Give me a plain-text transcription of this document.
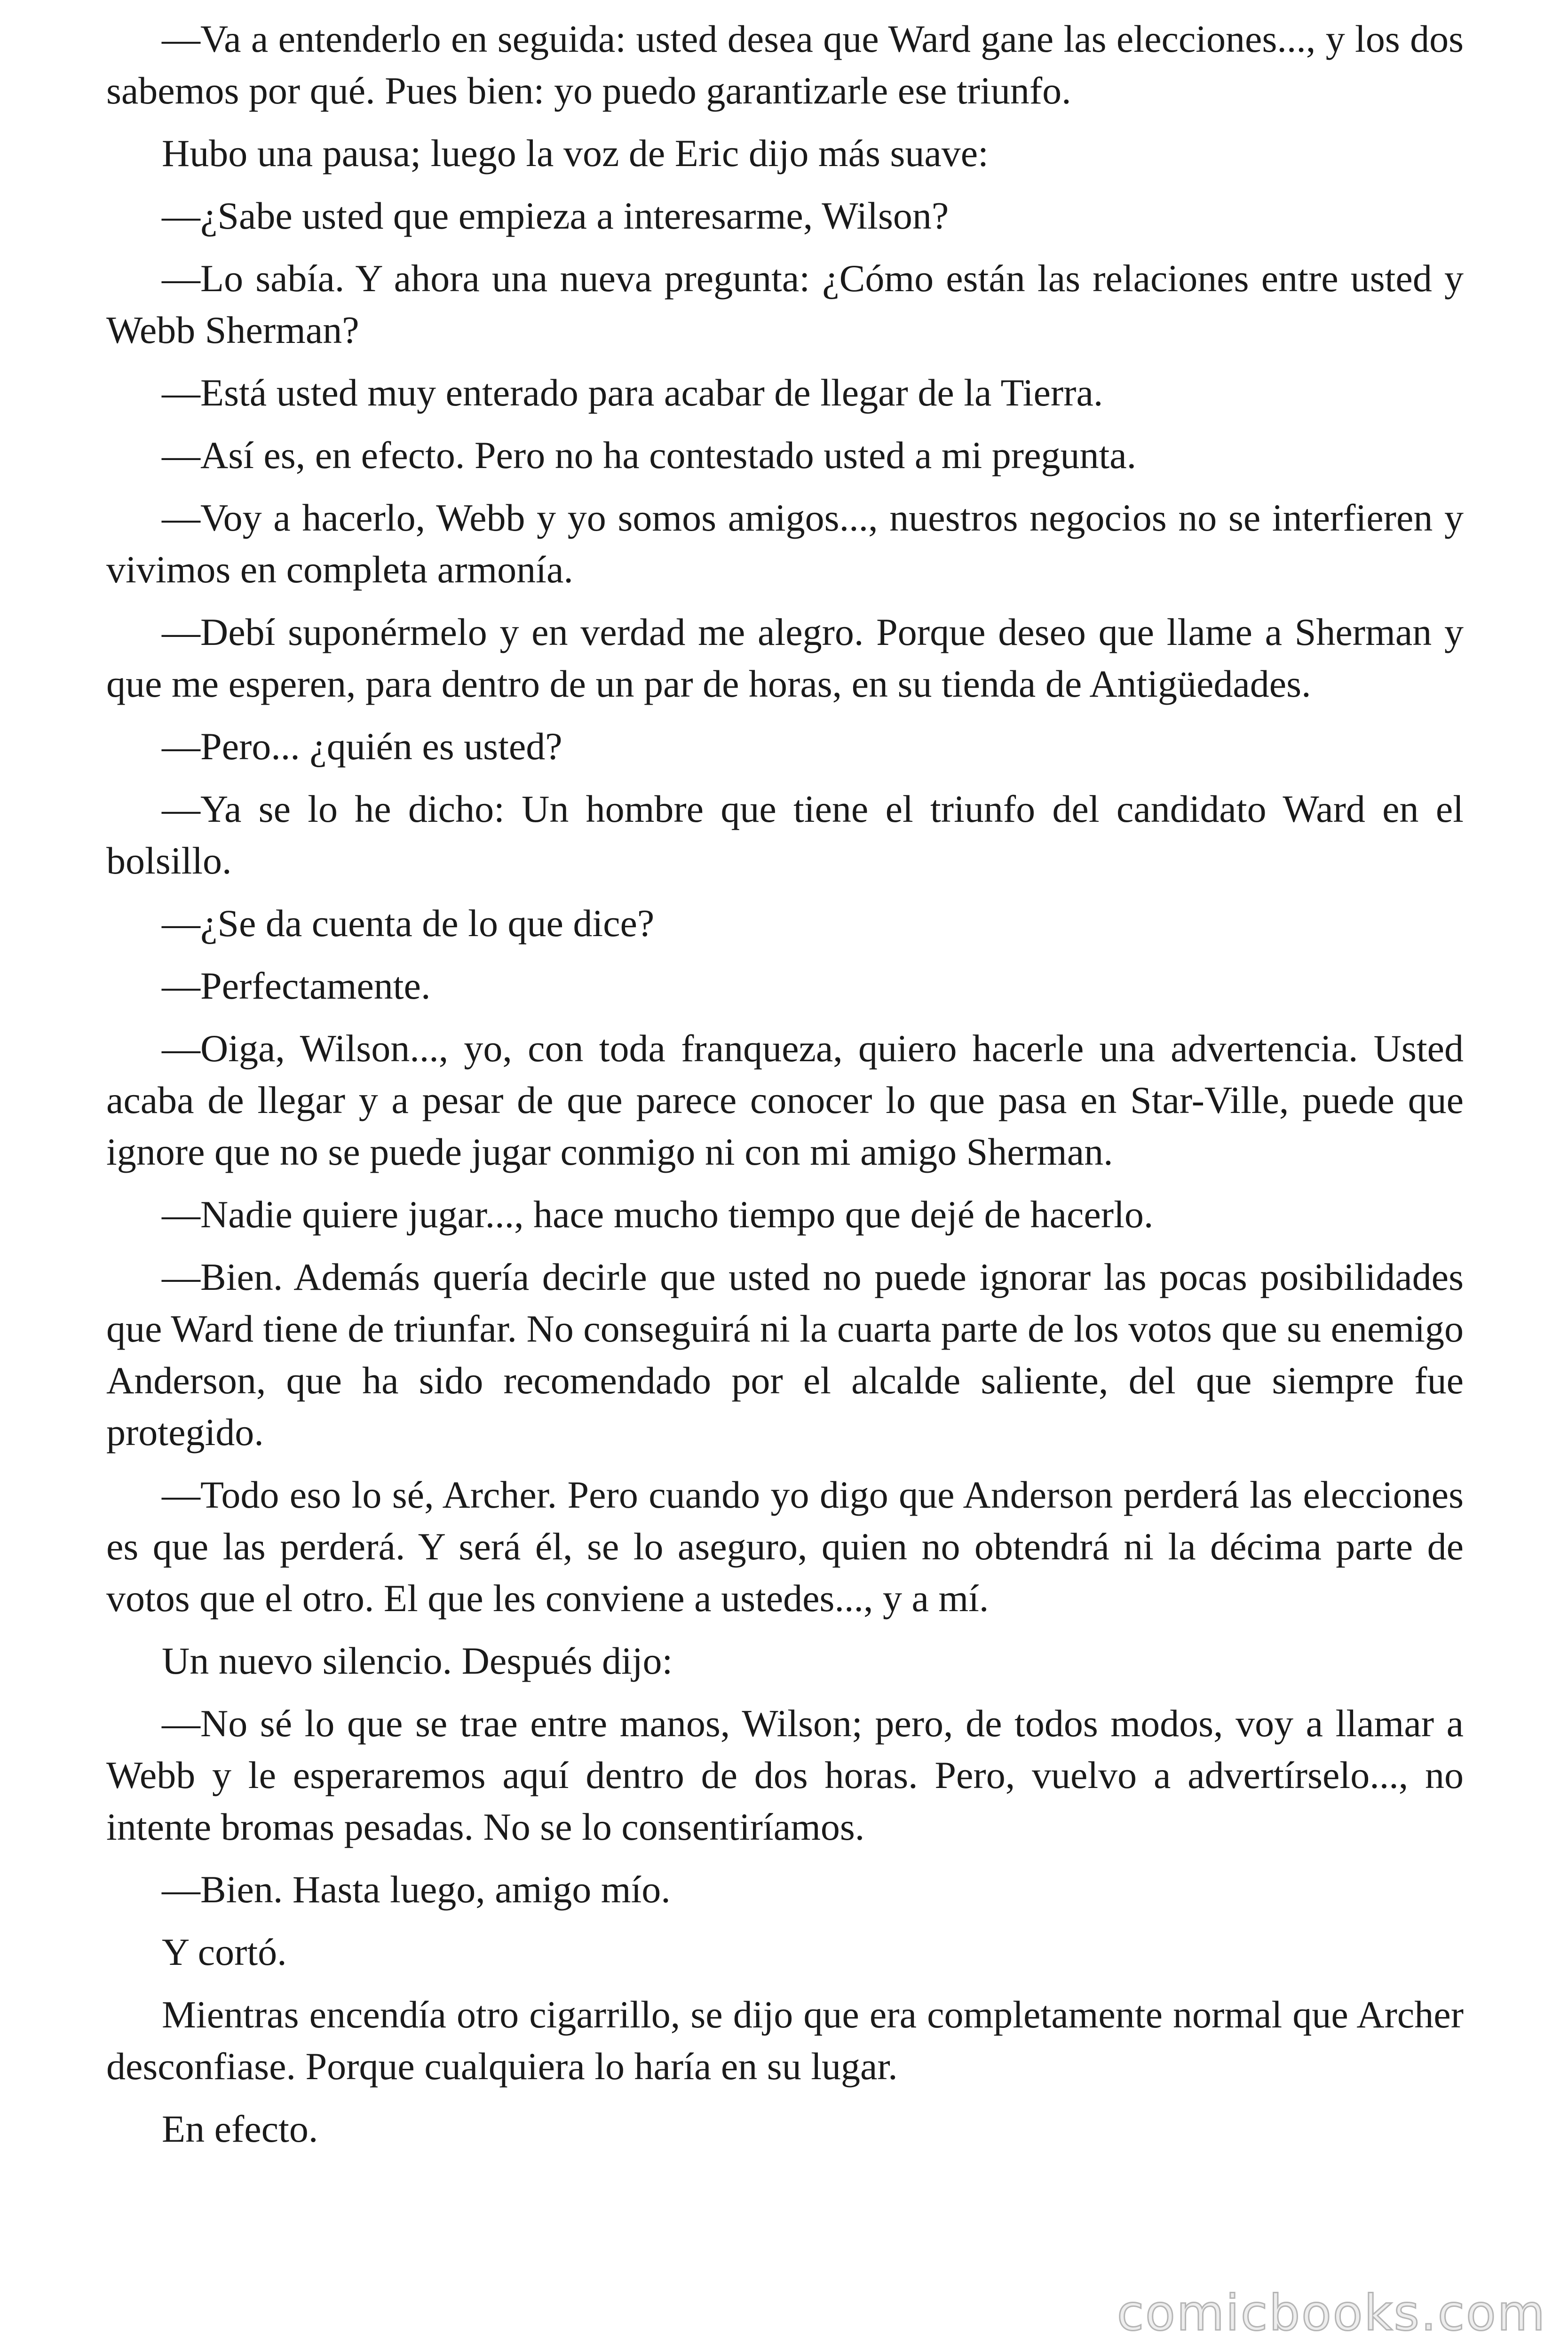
—Va a entenderlo en seguida: usted desea que Ward gane las elecciones..., y los dos sabemos por qué. Pues bien: yo puedo garantizarle ese triunfo.

Hubo una pausa; luego la voz de Eric dijo más suave:

—¿Sabe usted que empieza a interesarme, Wilson?

—Lo sabía. Y ahora una nueva pregunta: ¿Cómo están las relaciones entre usted y Webb Sherman?

—Está usted muy enterado para acabar de llegar de la Tierra.

—Así es, en efecto. Pero no ha contestado usted a mi pregunta.

—Voy a hacerlo, Webb y yo somos amigos..., nuestros negocios no se interfieren y vivimos en completa armonía.

—Debí suponérmelo y en verdad me alegro. Porque deseo que llame a Sherman y que me esperen, para dentro de un par de horas, en su tienda de Antigüedades.

—Pero... ¿quién es usted?

—Ya se lo he dicho: Un hombre que tiene el triunfo del candidato Ward en el bolsillo.

—¿Se da cuenta de lo que dice?

—Perfectamente.

—Oiga, Wilson..., yo, con toda franqueza, quiero hacerle una advertencia. Usted acaba de llegar y a pesar de que parece conocer lo que pasa en Star-Ville, puede que ignore que no se puede jugar conmigo ni con mi amigo Sherman.

—Nadie quiere jugar..., hace mucho tiempo que dejé de hacerlo.

—Bien. Además quería decirle que usted no puede ignorar las pocas posibilidades que Ward tiene de triunfar. No conseguirá ni la cuarta parte de los votos que su enemigo Anderson, que ha sido recomendado por el alcalde saliente, del que siempre fue protegido.

—Todo eso lo sé, Archer. Pero cuando yo digo que Anderson perderá las elecciones es que las perderá. Y será él, se lo aseguro, quien no obtendrá ni la décima parte de votos que el otro. El que les conviene a ustedes..., y a mí.

Un nuevo silencio. Después dijo:

—No sé lo que se trae entre manos, Wilson; pero, de todos modos, voy a llamar a Webb y le esperaremos aquí dentro de dos horas. Pero, vuelvo a advertírselo..., no intente bromas pesadas. No se lo consentiríamos.

—Bien. Hasta luego, amigo mío.

Y cortó.

Mientras encendía otro cigarrillo, se dijo que era completamente normal que Archer desconfiase. Porque cualquiera lo haría en su lugar.

En efecto.

comicbooks.com
